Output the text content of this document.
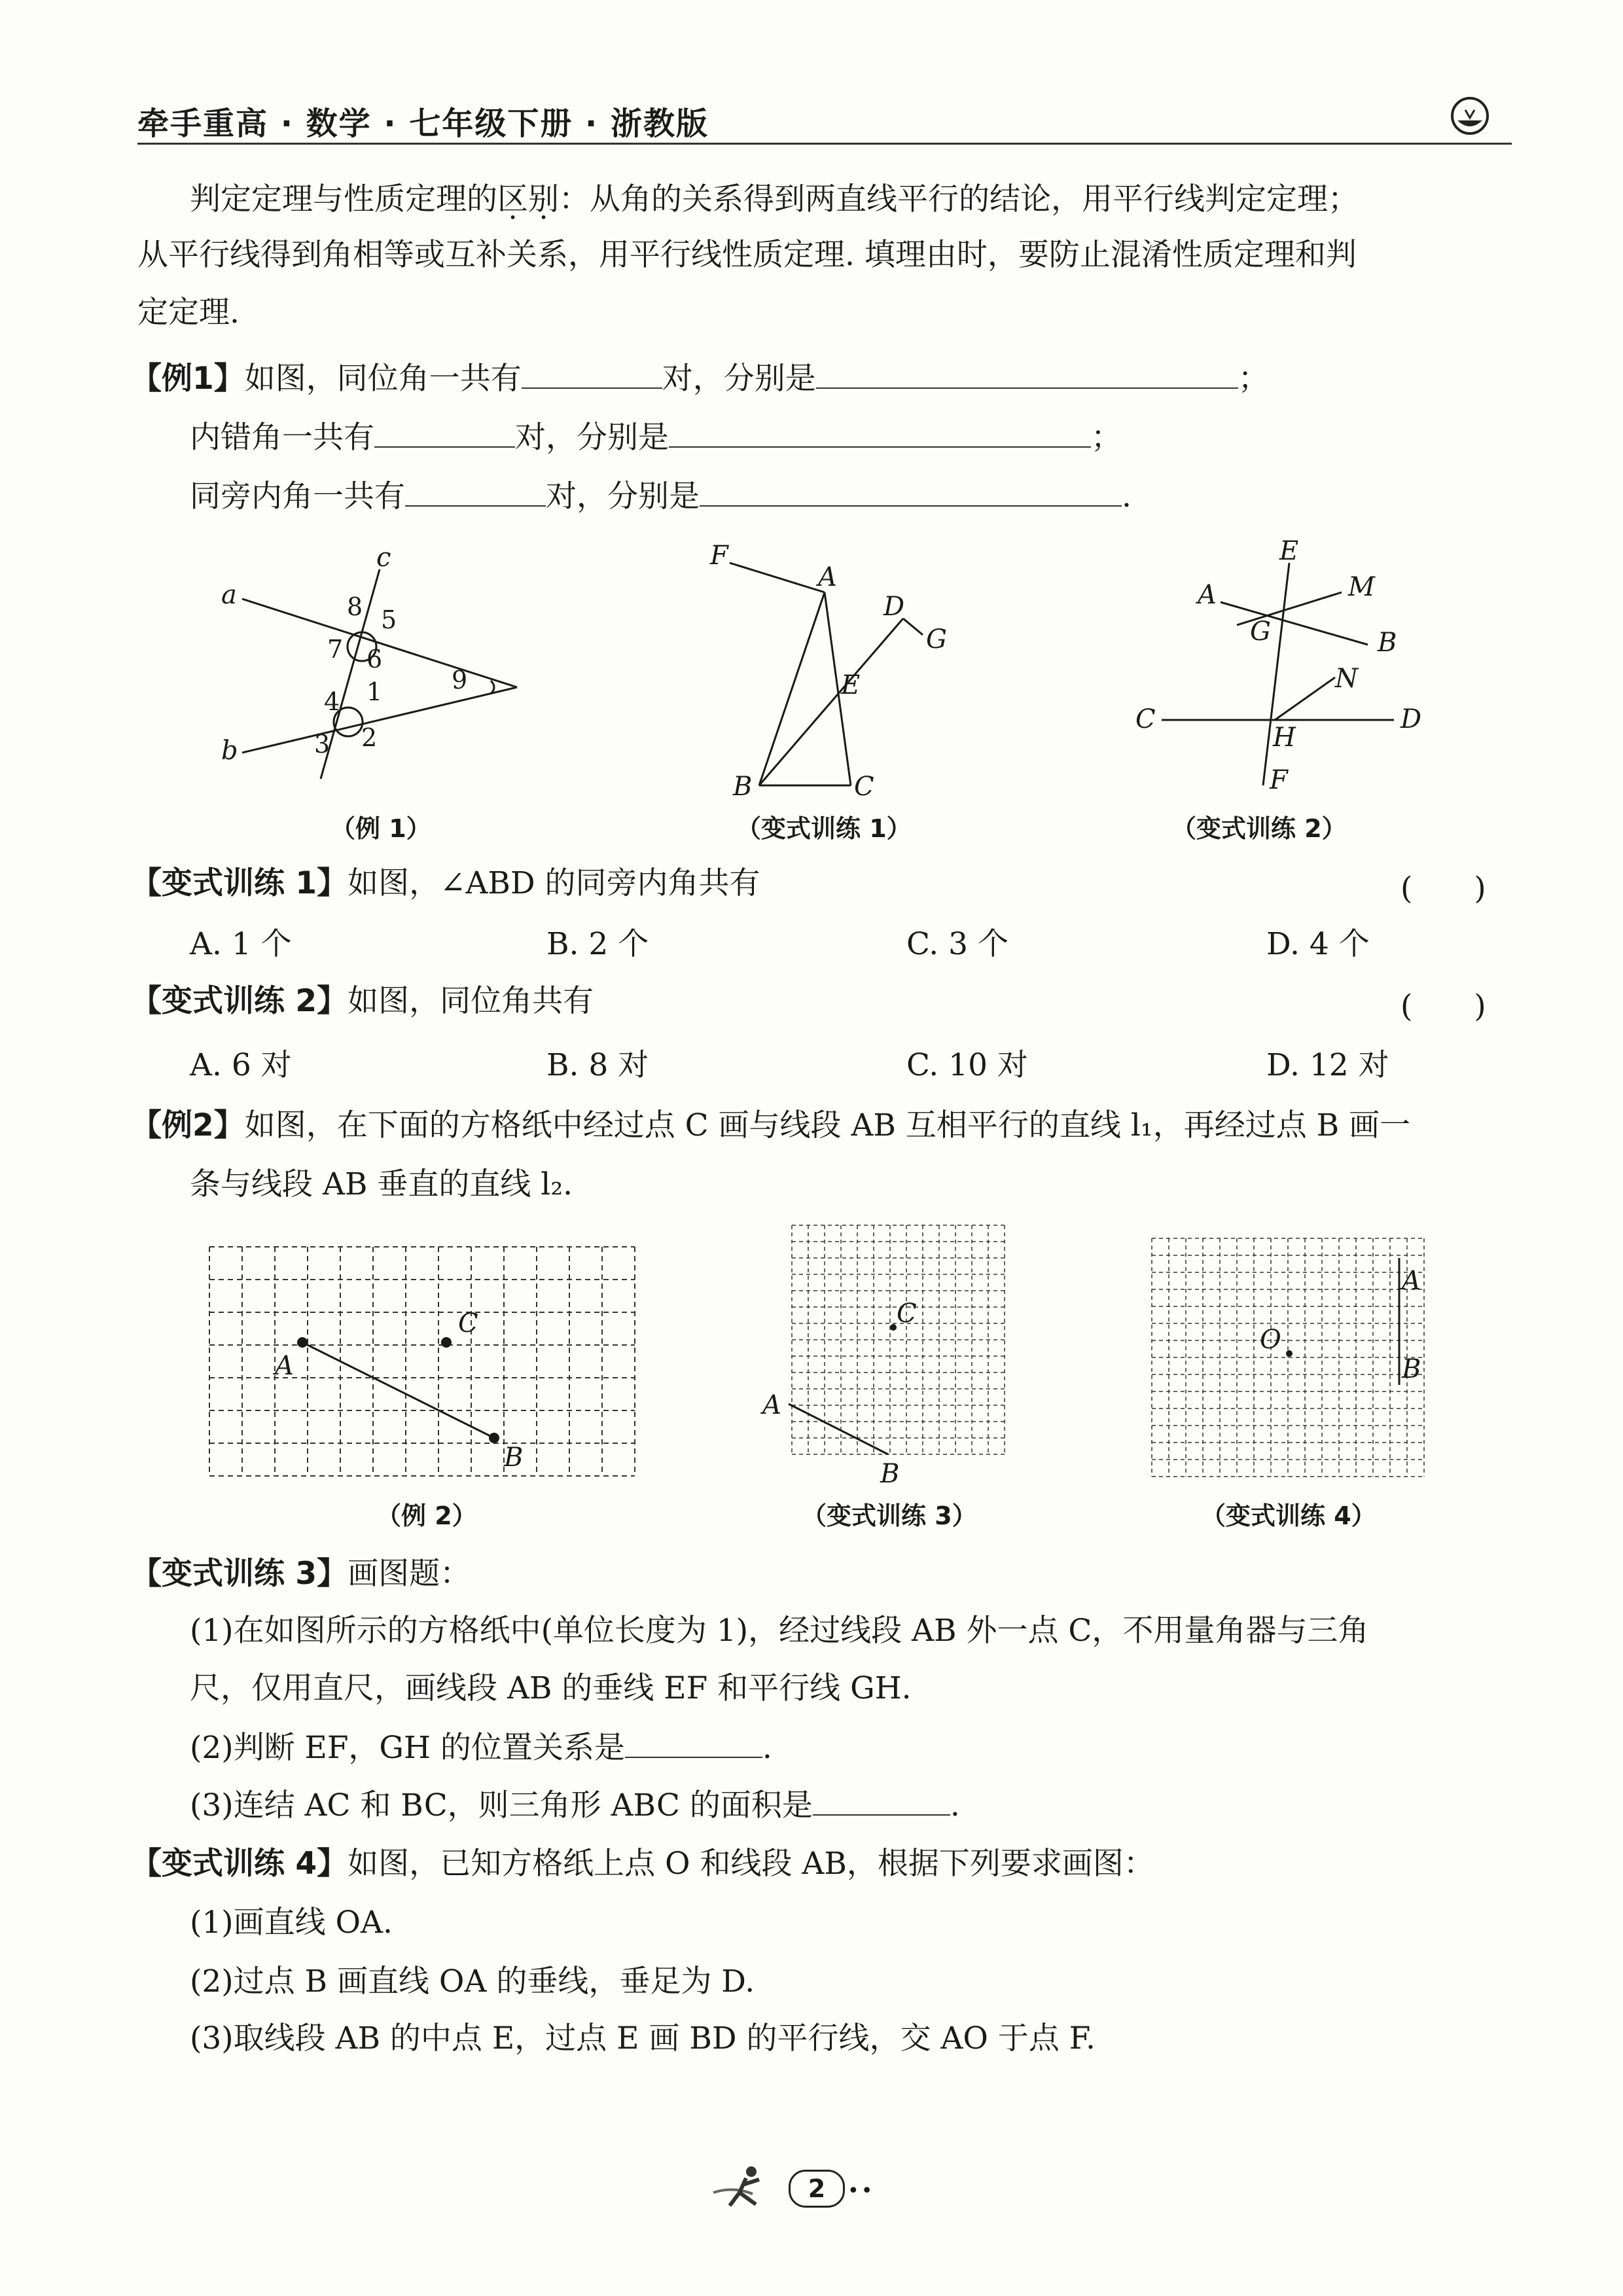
牵手重高 · 数学 · 七年级下册 · 浙教版
判定定理与性质定理的区别：从角的关系得到两直线平行的结论，用平行线判定定理；
从平行线得到角相等或互补关系，用平行线性质定理. 填理由时，要防止混淆性质定理和判
定定理.
【例1】如图，同位角一共有	对，分别是	；
内错角一共有	对，分别是	；
同旁内角一共有	对，分别是	.
a
b
c
8 5
7 6
4 1
3 2
9
（例 1）
F
A
D
G
E
B	C
（变式训练 1）
E
M
A
G	B
N
C
H
D
F
（变式训练 2）
【变式训练 1】如图，∠ABD 的同旁内角共有	(　　)
A. 1 个	B. 2 个	C. 3 个	D. 4 个
【变式训练 2】如图，同位角共有	(　　)
A. 6 对	B. 8 对	C. 10 对	D. 12 对
【例2】如图，在下面的方格纸中经过点 C 画与线段 AB 互相平行的直线 l₁，再经过点 B 画一
条与线段 AB 垂直的直线 l₂.
A
B
C
（例 2）
A
B
C
（变式训练 3）
A
B
O
（变式训练 4）
【变式训练 3】画图题：
(1)在如图所示的方格纸中(单位长度为 1)，经过线段 AB 外一点 C，不用量角器与三角
尺，仅用直尺，画线段 AB 的垂线 EF 和平行线 GH.
(2)判断 EF，GH 的位置关系是	.
(3)连结 AC 和 BC，则三角形 ABC 的面积是	.
【变式训练 4】如图，已知方格纸上点 O 和线段 AB，根据下列要求画图：
(1)画直线 OA.
(2)过点 B 画直线 OA 的垂线，垂足为 D.
(3)取线段 AB 的中点 E，过点 E 画 BD 的平行线，交 AO 于点 F.
2	••
